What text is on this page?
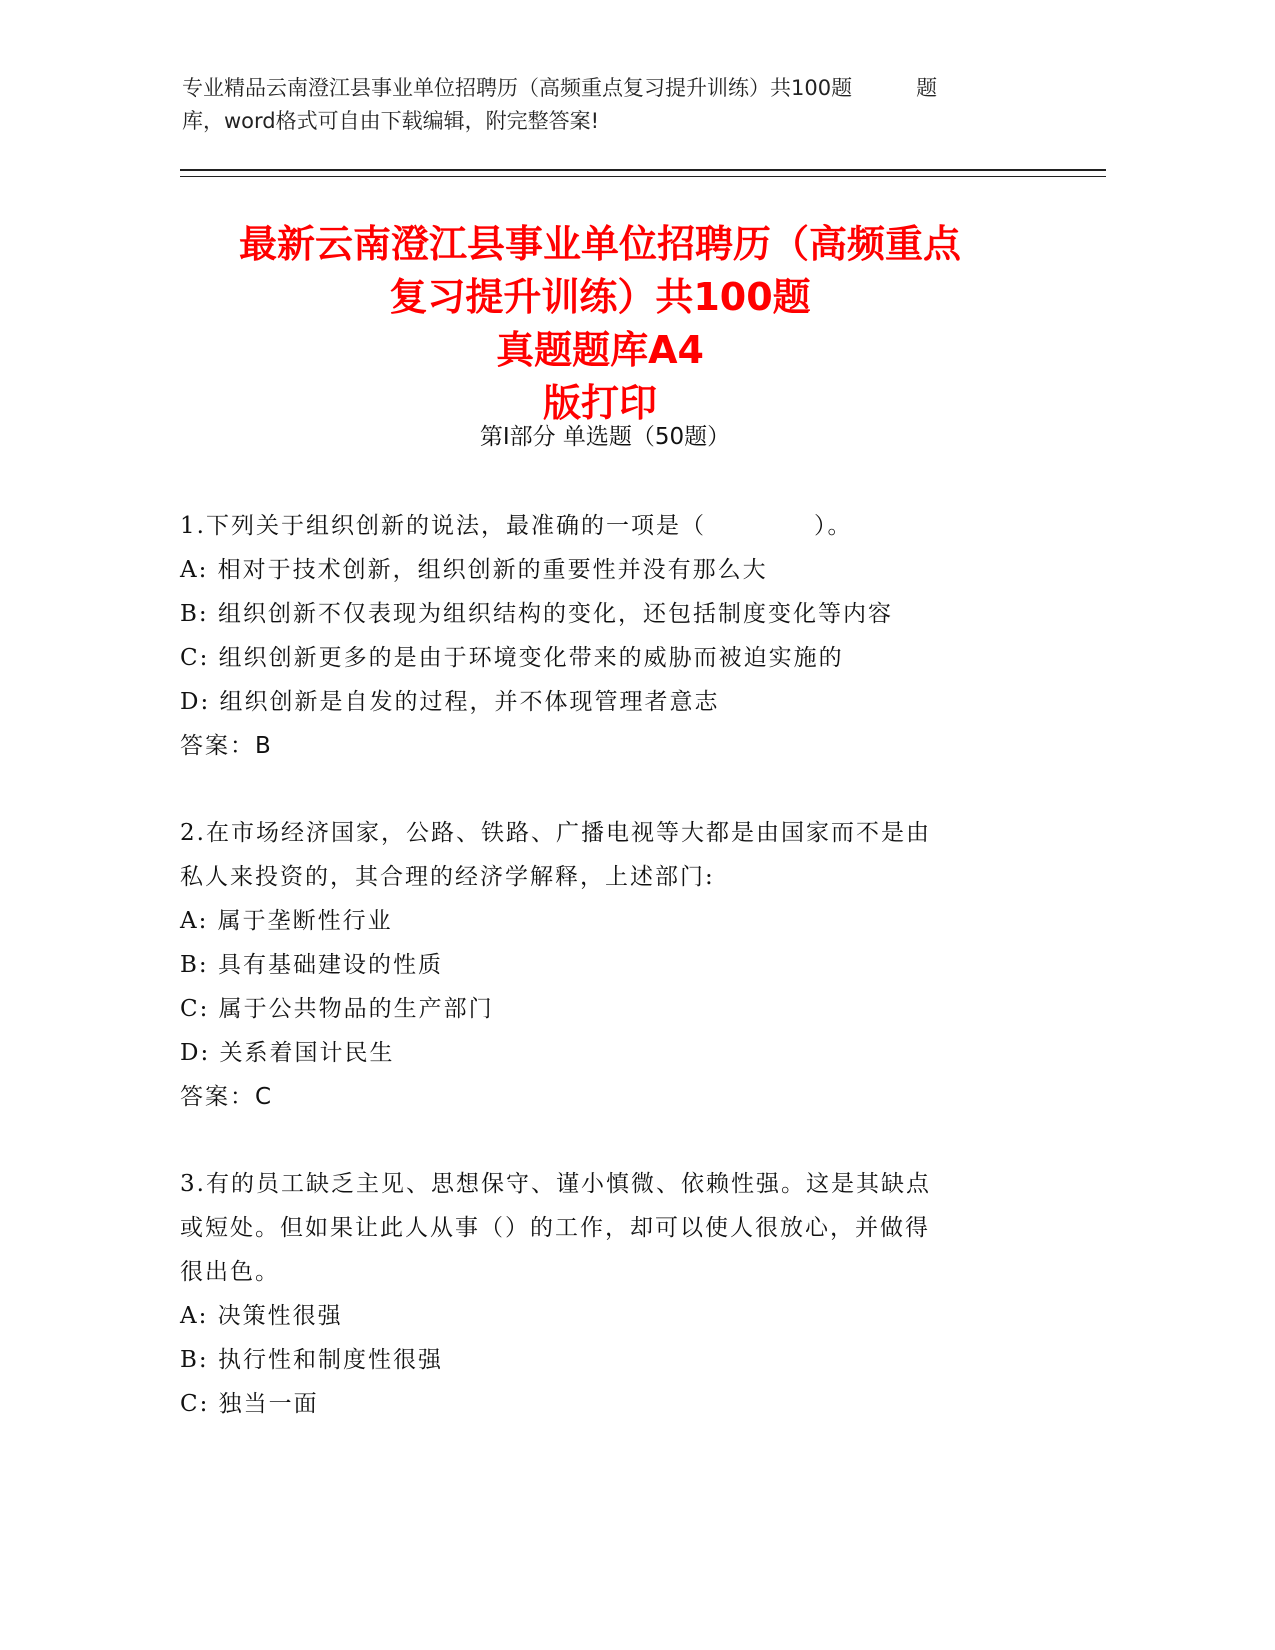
专业精品云南澄江县事业单位招聘历（高频重点复习提升训练）共100题	题
库，word格式可自由下载编辑，附完整答案!
最新云南澄江县事业单位招聘历（高频重点
复习提升训练）共100题
真题题库A4
版打印
第Ⅰ部分 单选题（50题）
1.下列关于组织创新的说法，最准确的一项是（	）。
A: 相对于技术创新，组织创新的重要性并没有那么大
B: 组织创新不仅表现为组织结构的变化，还包括制度变化等内容
C: 组织创新更多的是由于环境变化带来的威胁而被迫实施的
D: 组织创新是自发的过程，并不体现管理者意志
答案：B
2.在市场经济国家，公路、铁路、广播电视等大都是由国家而不是由
私人来投资的，其合理的经济学解释，上述部门:
A: 属于垄断性行业
B: 具有基础建设的性质
C: 属于公共物品的生产部门
D: 关系着国计民生
答案：C
3.有的员工缺乏主见、思想保守、谨小慎微、依赖性强。这是其缺点
或短处。但如果让此人从事（）的工作，却可以使人很放心，并做得
很出色。
A: 决策性很强
B: 执行性和制度性很强
C: 独当一面
